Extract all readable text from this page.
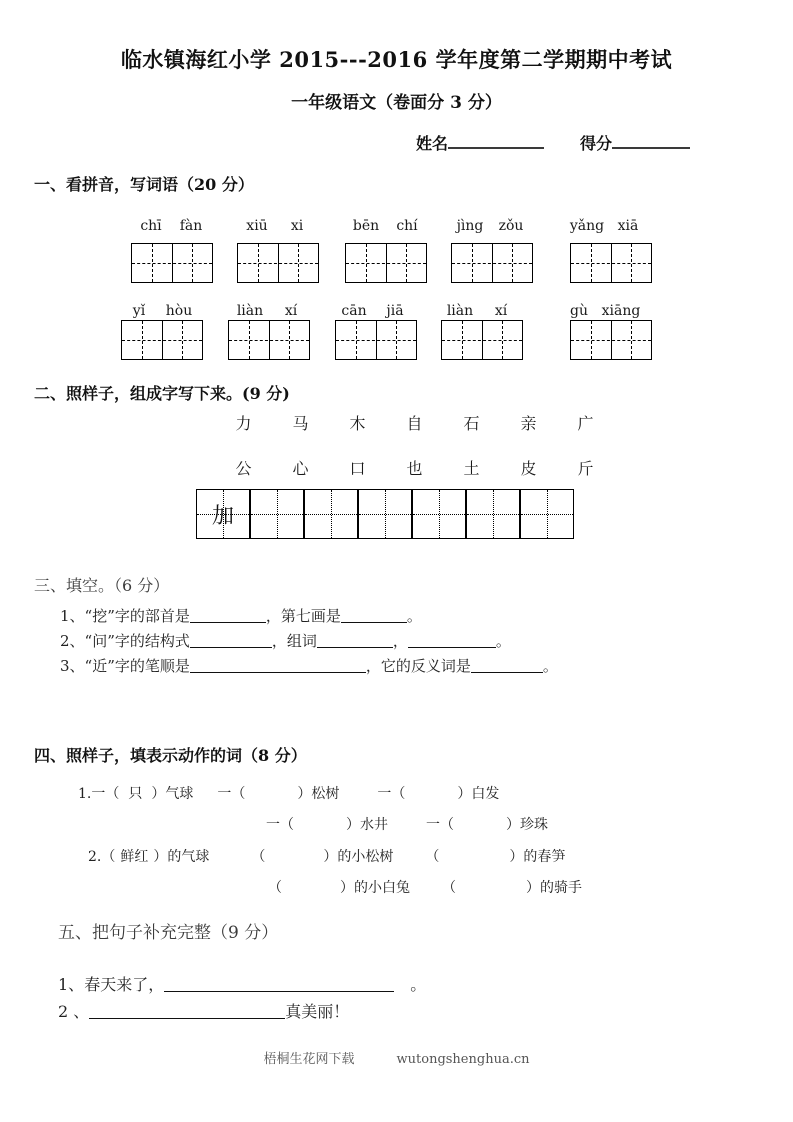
临水镇海红小学 2015---2016 学年度第二学期期中考试
一年级语文（卷面分 3 分）
姓名	得分
一、看拼音，写词语（20 分）
chī fàn	xiū xi	bēn chí	jìng zǒu	yǎng xiā
yǐ hòu	liàn xí	cān jiā	liàn xí	gù xiāng
二、照样子，组成字写下来。(9 分)
力	马	木	自	石	亲	广
公	心	口	也	土	皮	斤
加
三、填空。（6 分）
1、“挖”字的部首是	，第七画是	。
2、“问”字的结构式	，组词	，	。
3、“近”字的笔顺是	，它的反义词是	。
四、照样子，填表示动作的词（8 分）
1.一（ 只 ）气球 一（	）松树	一（	）白发
一（	）水井	一（	）珍珠
2.（ 鲜红 ）的气球	（	）的小松树 （	）的春笋
（	）的小白兔 （	）的骑手
五、把句子补充完整（9 分）
1、春天来了，	。
2 、	真美丽！
梧桐生花网下载	wutongshenghua.cn
